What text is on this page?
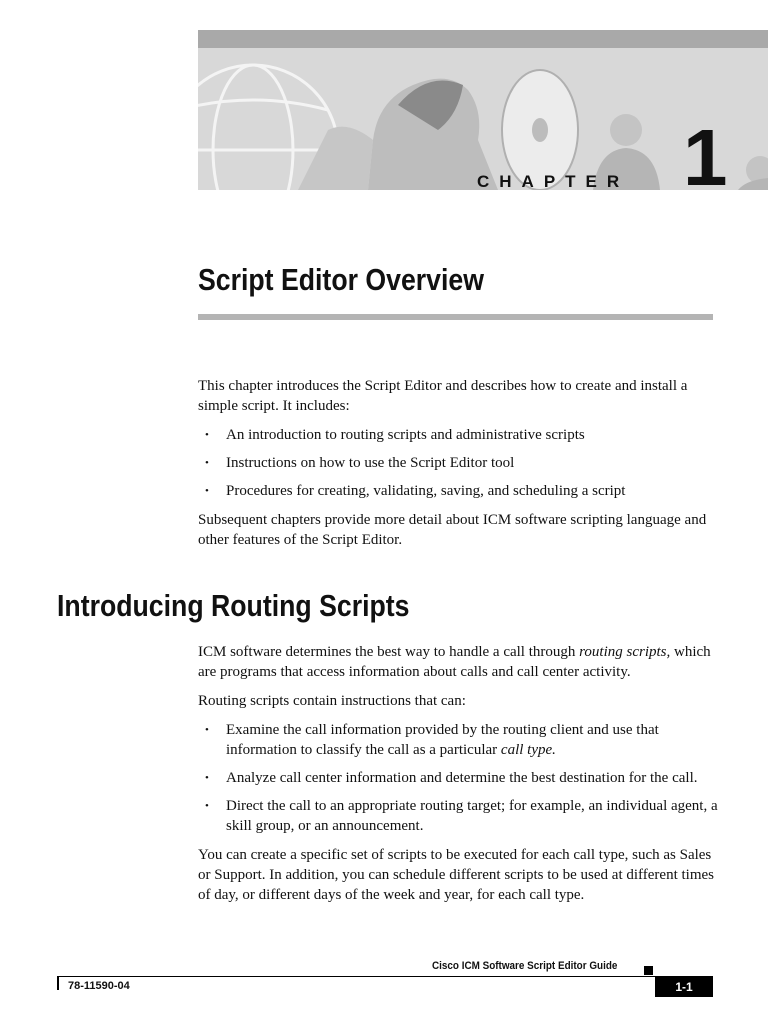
CHAPTER 1
Script Editor Overview

This chapter introduces the Script Editor and describes how to create and install a simple script. It includes:

• An introduction to routing scripts and administrative scripts
• Instructions on how to use the Script Editor tool
• Procedures for creating, validating, saving, and scheduling a script

Subsequent chapters provide more detail about ICM software scripting language and other features of the Script Editor.

Introducing Routing Scripts

ICM software determines the best way to handle a call through routing scripts, which are programs that access information about calls and call center activity.

Routing scripts contain instructions that can:

• Examine the call information provided by the routing client and use that information to classify the call as a particular call type.
• Analyze call center information and determine the best destination for the call.
• Direct the call to an appropriate routing target; for example, an individual agent, a skill group, or an announcement.

You can create a specific set of scripts to be executed for each call type, such as Sales or Support. In addition, you can schedule different scripts to be used at different times of day, or different days of the week and year, for each call type.

Cisco ICM Software Script Editor Guide
78-11590-04	1-1
